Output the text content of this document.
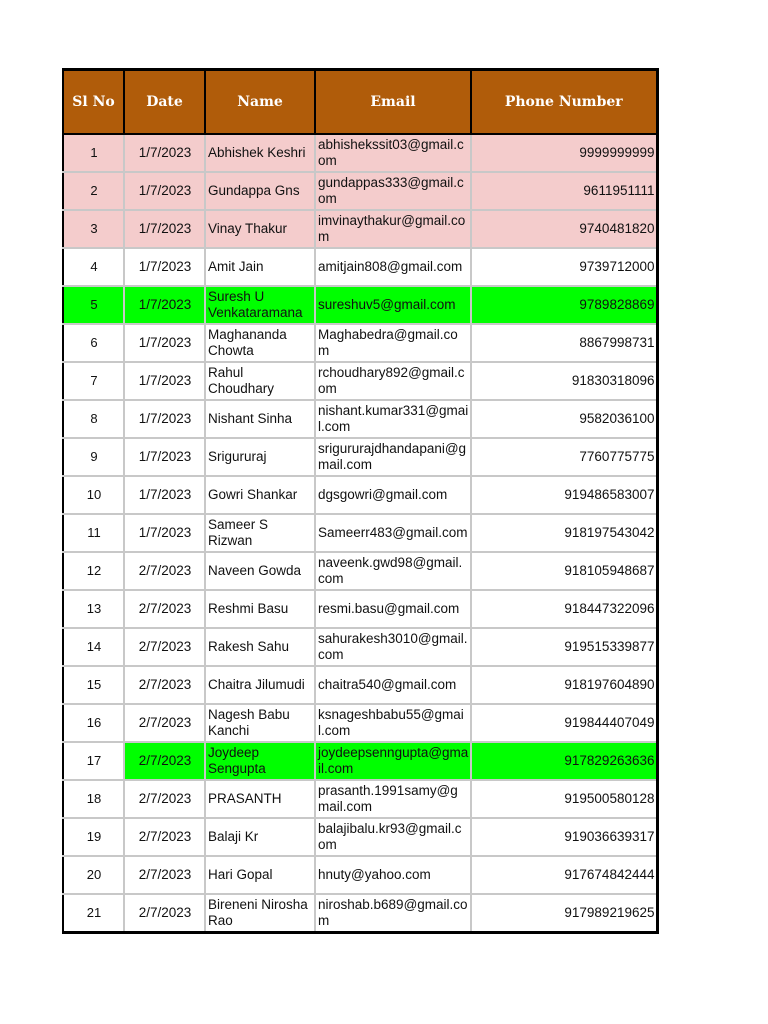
Sl No	Date	Name	Email	Phone Number
1	1/7/2023	Abhishek Keshri	abhishekssit03@gmail.com	9999999999
2	1/7/2023	Gundappa Gns	gundappas333@gmail.com	9611951111
3	1/7/2023	Vinay Thakur	imvinaythakur@gmail.com	9740481820
4	1/7/2023	Amit Jain	amitjain808@gmail.com	9739712000
5	1/7/2023	Suresh U Venkataramana	sureshuv5@gmail.com	9789828869
6	1/7/2023	Maghananda Chowta	Maghabedra@gmail.com	8867998731
7	1/7/2023	Rahul Choudhary	rchoudhary892@gmail.com	91830318096
8	1/7/2023	Nishant Sinha	nishant.kumar331@gmail.com	9582036100
9	1/7/2023	Srigururaj	srigururajdhandapani@gmail.com	7760775775
10	1/7/2023	Gowri Shankar	dgsgowri@gmail.com	919486583007
11	1/7/2023	Sameer S Rizwan	Sameerr483@gmail.com	918197543042
12	2/7/2023	Naveen Gowda	naveenk.gwd98@gmail.com	918105948687
13	2/7/2023	Reshmi Basu	resmi.basu@gmail.com	918447322096
14	2/7/2023	Rakesh Sahu	sahurakesh3010@gmail.com	919515339877
15	2/7/2023	Chaitra Jilumudi	chaitra540@gmail.com	918197604890
16	2/7/2023	Nagesh Babu Kanchi	ksnageshbabu55@gmail.com	919844407049
17	2/7/2023	Joydeep Sengupta	joydeepsenngupta@gmail.com	917829263636
18	2/7/2023	PRASANTH	prasanth.1991samy@gmail.com	919500580128
19	2/7/2023	Balaji Kr	balajibalu.kr93@gmail.com	919036639317
20	2/7/2023	Hari Gopal	hnuty@yahoo.com	917674842444
21	2/7/2023	Bireneni Nirosha Rao	niroshab.b689@gmail.com	917989219625
